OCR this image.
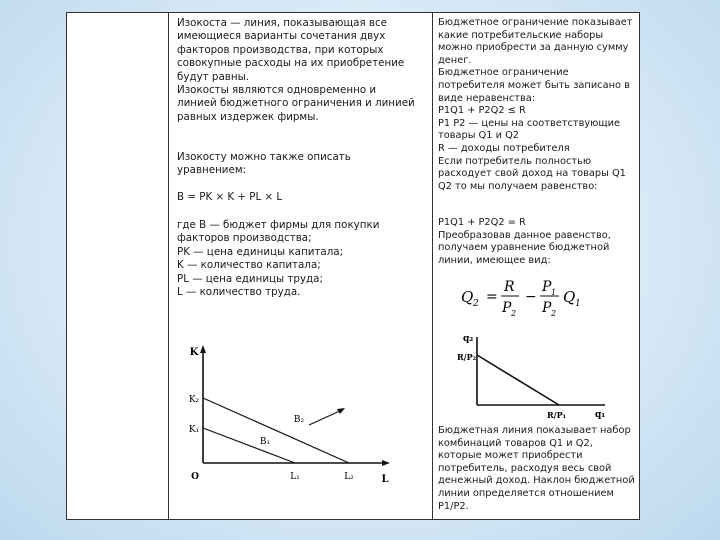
Изокоста — линия, показывающая все
имеющиеся варианты сочетания двух
факторов производства, при которых
совокупные расходы на их приобретение
будут равны.
Изокосты являются одновременно и
линией бюджетного ограничения и линией
равных издержек фирмы.

Изокосту можно также описать
уравнением:

B = PK × K + PL × L

где B — бюджет фирмы для покупки
факторов производства;
PK — цена единицы капитала;
K — количество капитала;
PL — цена единицы труда;
L — количество труда.

K
K₂
K₁
O	L₁	L₂	L
B₁
B₂

Бюджетное ограничение показывает
какие потребительские наборы
можно приобрести за данную сумму
денег.
Бюджетное ограничение
потребителя может быть записано в
виде неравенства:
P1Q1 + P2Q2 ≤ R
P1 P2 — цены на соответствующие
товары Q1 и Q2
R — доходы потребителя
Если потребитель полностью
расходует свой доход на товары Q1
Q2 то мы получаем равенство:

P1Q1 + P2Q2 = R
Преобразовав данное равенство,
получаем уравнение бюджетной
линии, имеющее вид:

Q 2 =
R
P 2
−
P 1
P 2
Q 1
q₂
R/P₂
R/P₁	q₁

Бюджетная линия показывает набор
комбинаций товаров Q1 и Q2,
которые может приобрести
потребитель, расходуя весь свой
денежный доход. Наклон бюджетной
линии определяется отношением
P1/P2.
